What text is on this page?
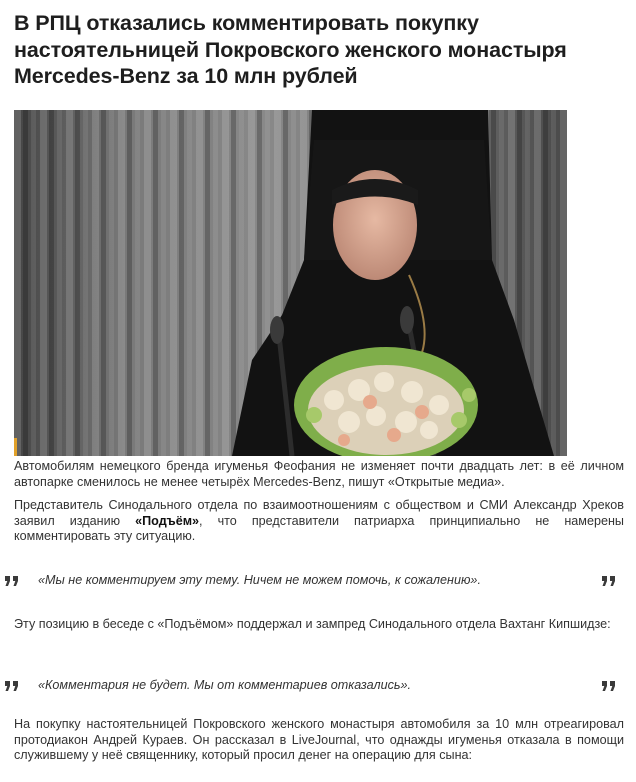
В РПЦ отказались комментировать покупку настоятельницей Покровского женского монастыря Mercedes-Benz за 10 млн рублей

Автомобилям немецкого бренда игуменья Феофания не изменяет почти двадцать лет: в её личном автопарке сменилось не менее четырёх Mercedes-Benz, пишут «Открытые медиа».

Представитель Синодального отдела по взаимоотношениям с обществом и СМИ Александр Хреков заявил изданию «Подъём», что представители патриарха принципиально не намерены комментировать эту ситуацию.

«Мы не комментируем эту тему. Ничем не можем помочь, к сожалению».

Эту позицию в беседе с «Подъёмом» поддержал и зампред Синодального отдела Вахтанг Кипшидзе:

«Комментария не будет. Мы от комментариев отказались».

На покупку настоятельницей Покровского женского монастыря автомобиля за 10 млн отреагировал протодиакон Андрей Кураев. Он рассказал в LiveJournal, что однажды игуменья отказала в помощи служившему у неё священнику, который просил денег на операцию для сына:
